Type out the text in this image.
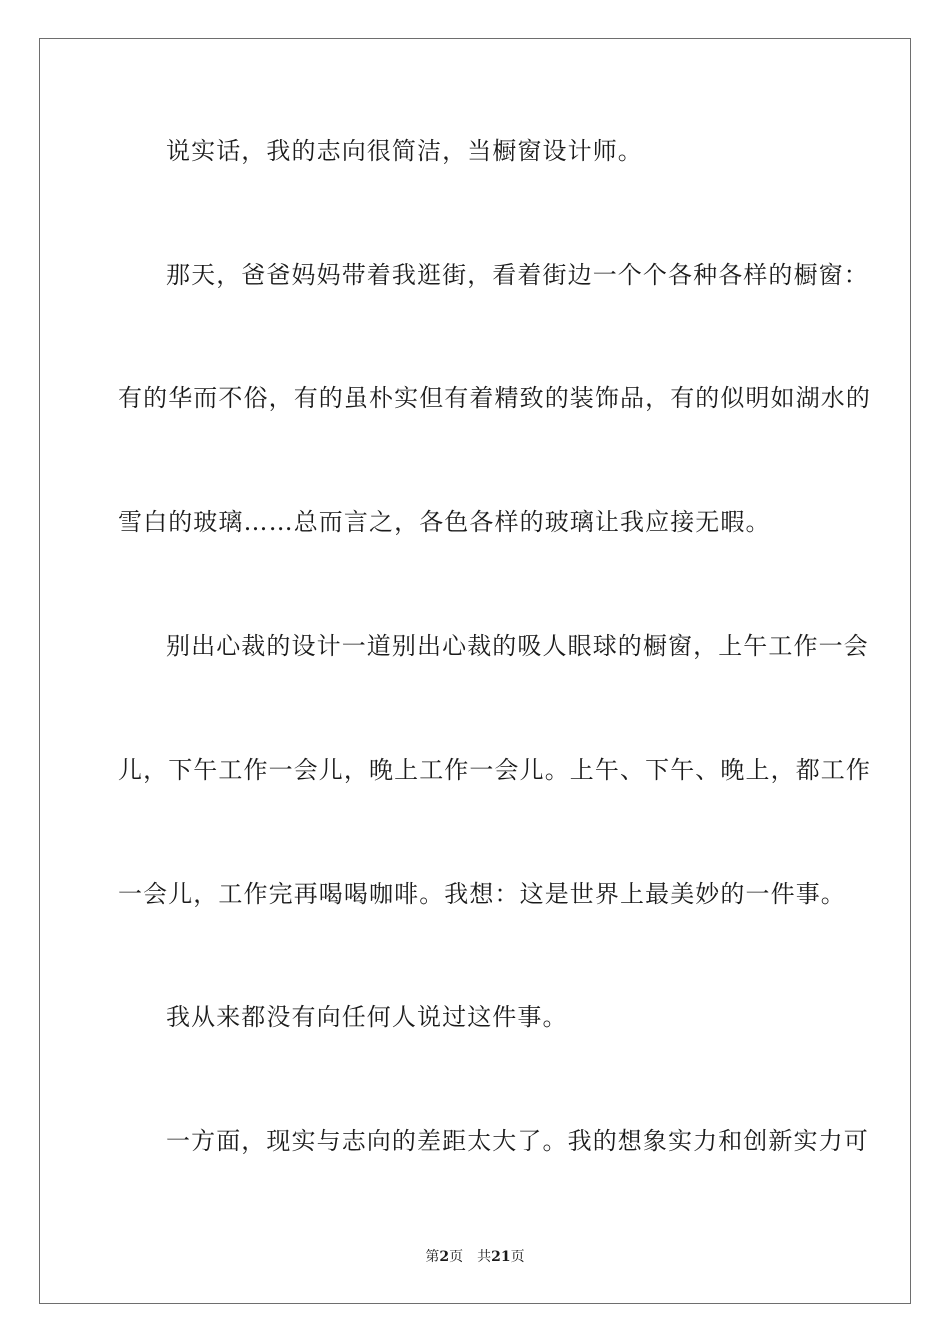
说实话，我的志向很简洁，当橱窗设计师。
那天，爸爸妈妈带着我逛街，看着街边一个个各种各样的橱窗：
有的华而不俗，有的虽朴实但有着精致的装饰品，有的似明如湖水的
雪白的玻璃……总而言之，各色各样的玻璃让我应接无暇。
别出心裁的设计一道别出心裁的吸人眼球的橱窗，上午工作一会
儿，下午工作一会儿，晚上工作一会儿。上午、下午、晚上，都工作
一会儿，工作完再喝喝咖啡。我想：这是世界上最美妙的一件事。
我从来都没有向任何人说过这件事。
一方面，现实与志向的差距太大了。我的想象实力和创新实力可
第2页 共21页
